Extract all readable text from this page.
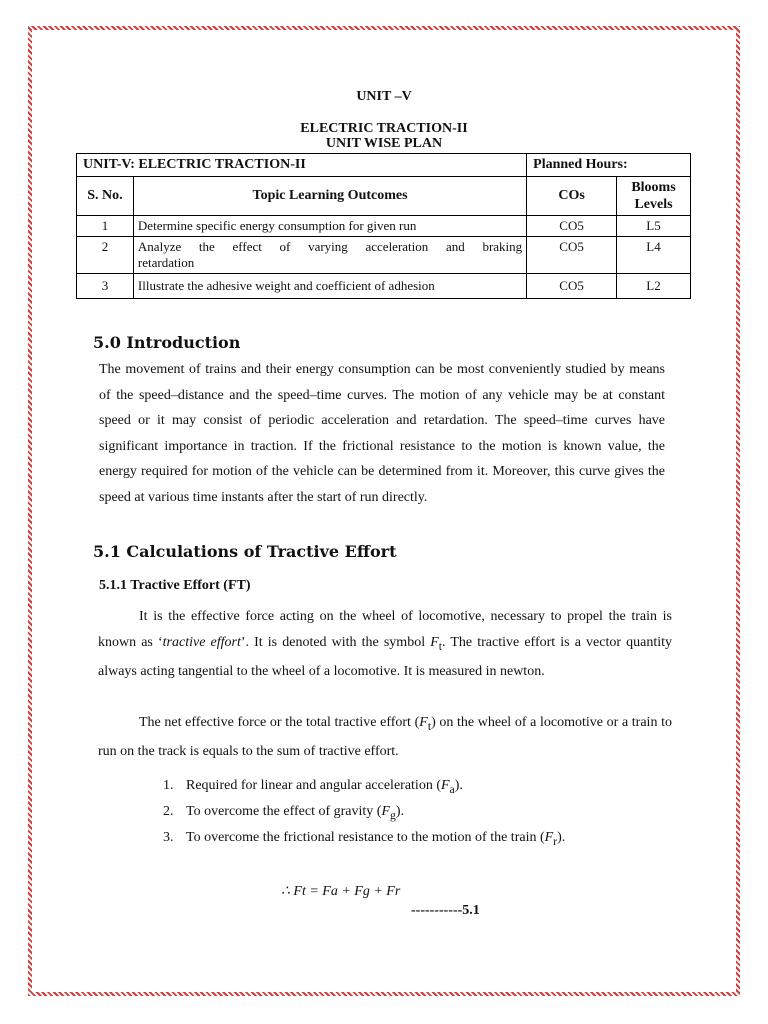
UNIT –V
ELECTRIC TRACTION-II
UNIT WISE PLAN
UNIT-V: ELECTRIC TRACTION-II		Planned Hours:	
S. No.	Topic Learning Outcomes	COs	Blooms Levels
1	Determine specific energy consumption for given run	CO5	L5
2	Analyze the effect of varying acceleration and braking retardation	CO5	L4
3	Illustrate the adhesive weight and coefficient of adhesion	CO5	L2
5.0 Introduction

The movement of trains and their energy consumption can be most conveniently studied by means of the speed–distance and the speed–time curves. The motion of any vehicle may be at constant speed or it may consist of periodic acceleration and retardation. The speed–time curves have significant importance in traction. If the frictional resistance to the motion is known value, the energy required for motion of the vehicle can be determined from it. Moreover, this curve gives the speed at various time instants after the start of run directly.

5.1 Calculations of Tractive Effort
5.1.1 Tractive Effort (FT)

It is the effective force acting on the wheel of locomotive, necessary to propel the train is known as ‘tractive effort’. It is denoted with the symbol $F_t$. The tractive effort is a vector quantity always acting tangential to the wheel of a locomotive. It is measured in newton.

The net effective force or the total tractive effort $(F_t)$ on the wheel of a locomotive or a train to run on the track is equals to the sum of tractive effort.

1. Required for linear and angular acceleration $(F_a)$.
2. To overcome the effect of gravity $(F_g)$.
3. To overcome the frictional resistance to the motion of the train $(F_r)$.
∴ Ft = Fa + Fg + Fr
-----------5.1
